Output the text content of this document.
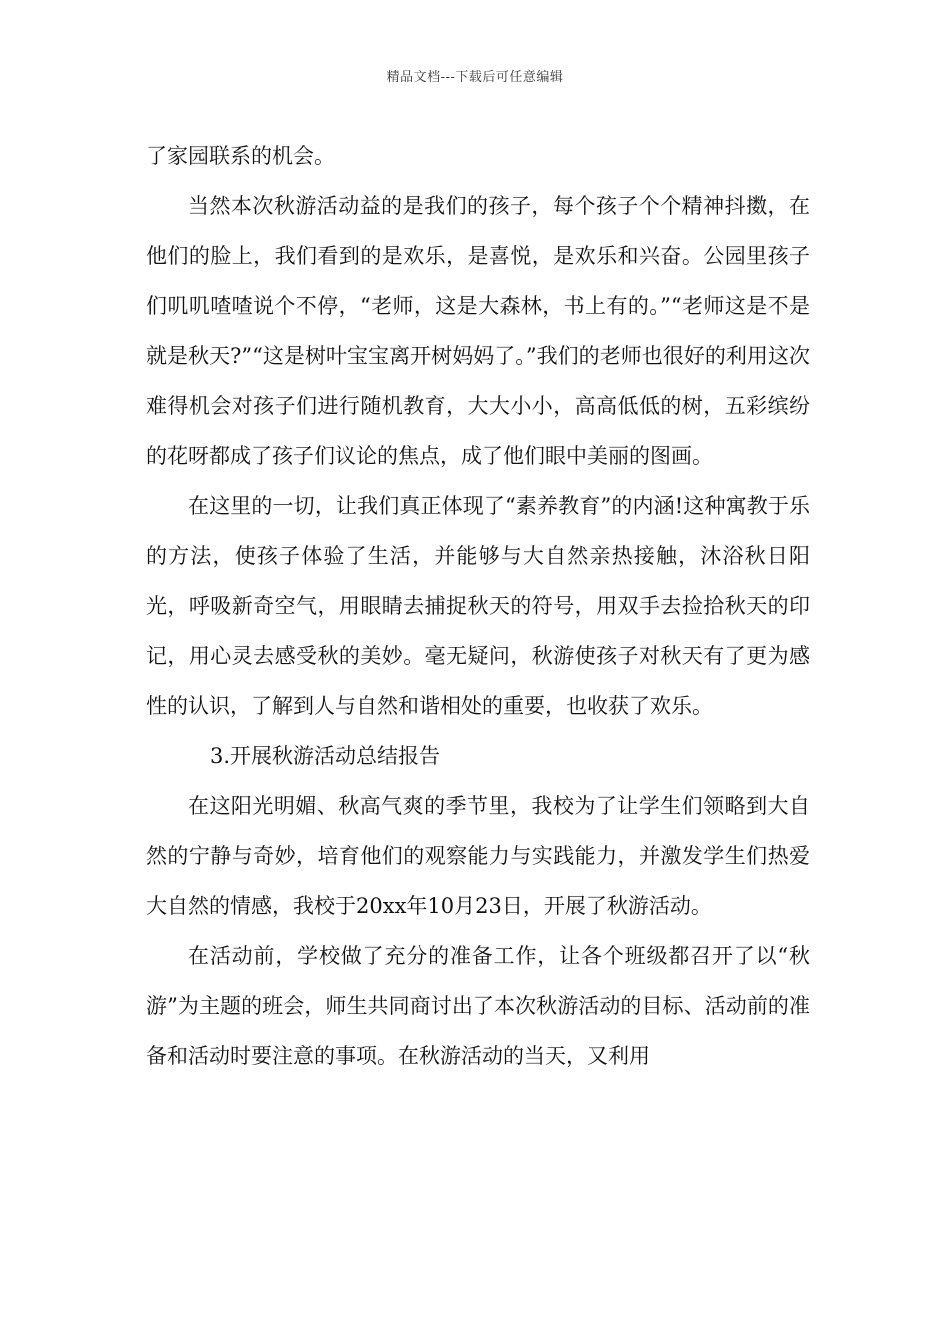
精品文档---下载后可任意编辑

了家园联系的机会。

当然本次秋游活动益的是我们的孩子，每个孩子个个精神抖擞，在他们的脸上，我们看到的是欢乐，是喜悦，是欢乐和兴奋。公园里孩子们叽叽喳喳说个不停，“老师，这是大森林，书上有的。”“老师这是不是就是秋天?”“这是树叶宝宝离开树妈妈了。”我们的老师也很好的利用这次难得机会对孩子们进行随机教育，大大小小，高高低低的树，五彩缤纷的花呀都成了孩子们议论的焦点，成了他们眼中美丽的图画。

在这里的一切，让我们真正体现了“素养教育”的内涵!这种寓教于乐的方法，使孩子体验了生活，并能够与大自然亲热接触，沐浴秋日阳光，呼吸新奇空气，用眼睛去捕捉秋天的符号，用双手去捡拾秋天的印记，用心灵去感受秋的美妙。毫无疑问，秋游使孩子对秋天有了更为感性的认识，了解到人与自然和谐相处的重要，也收获了欢乐。

3.开展秋游活动总结报告

在这阳光明媚、秋高气爽的季节里，我校为了让学生们领略到大自然的宁静与奇妙，培育他们的观察能力与实践能力，并激发学生们热爱大自然的情感，我校于20xx年10月23日，开展了秋游活动。

在活动前，学校做了充分的准备工作，让各个班级都召开了以“秋游”为主题的班会，师生共同商讨出了本次秋游活动的目标、活动前的准备和活动时要注意的事项。在秋游活动的当天，又利用
